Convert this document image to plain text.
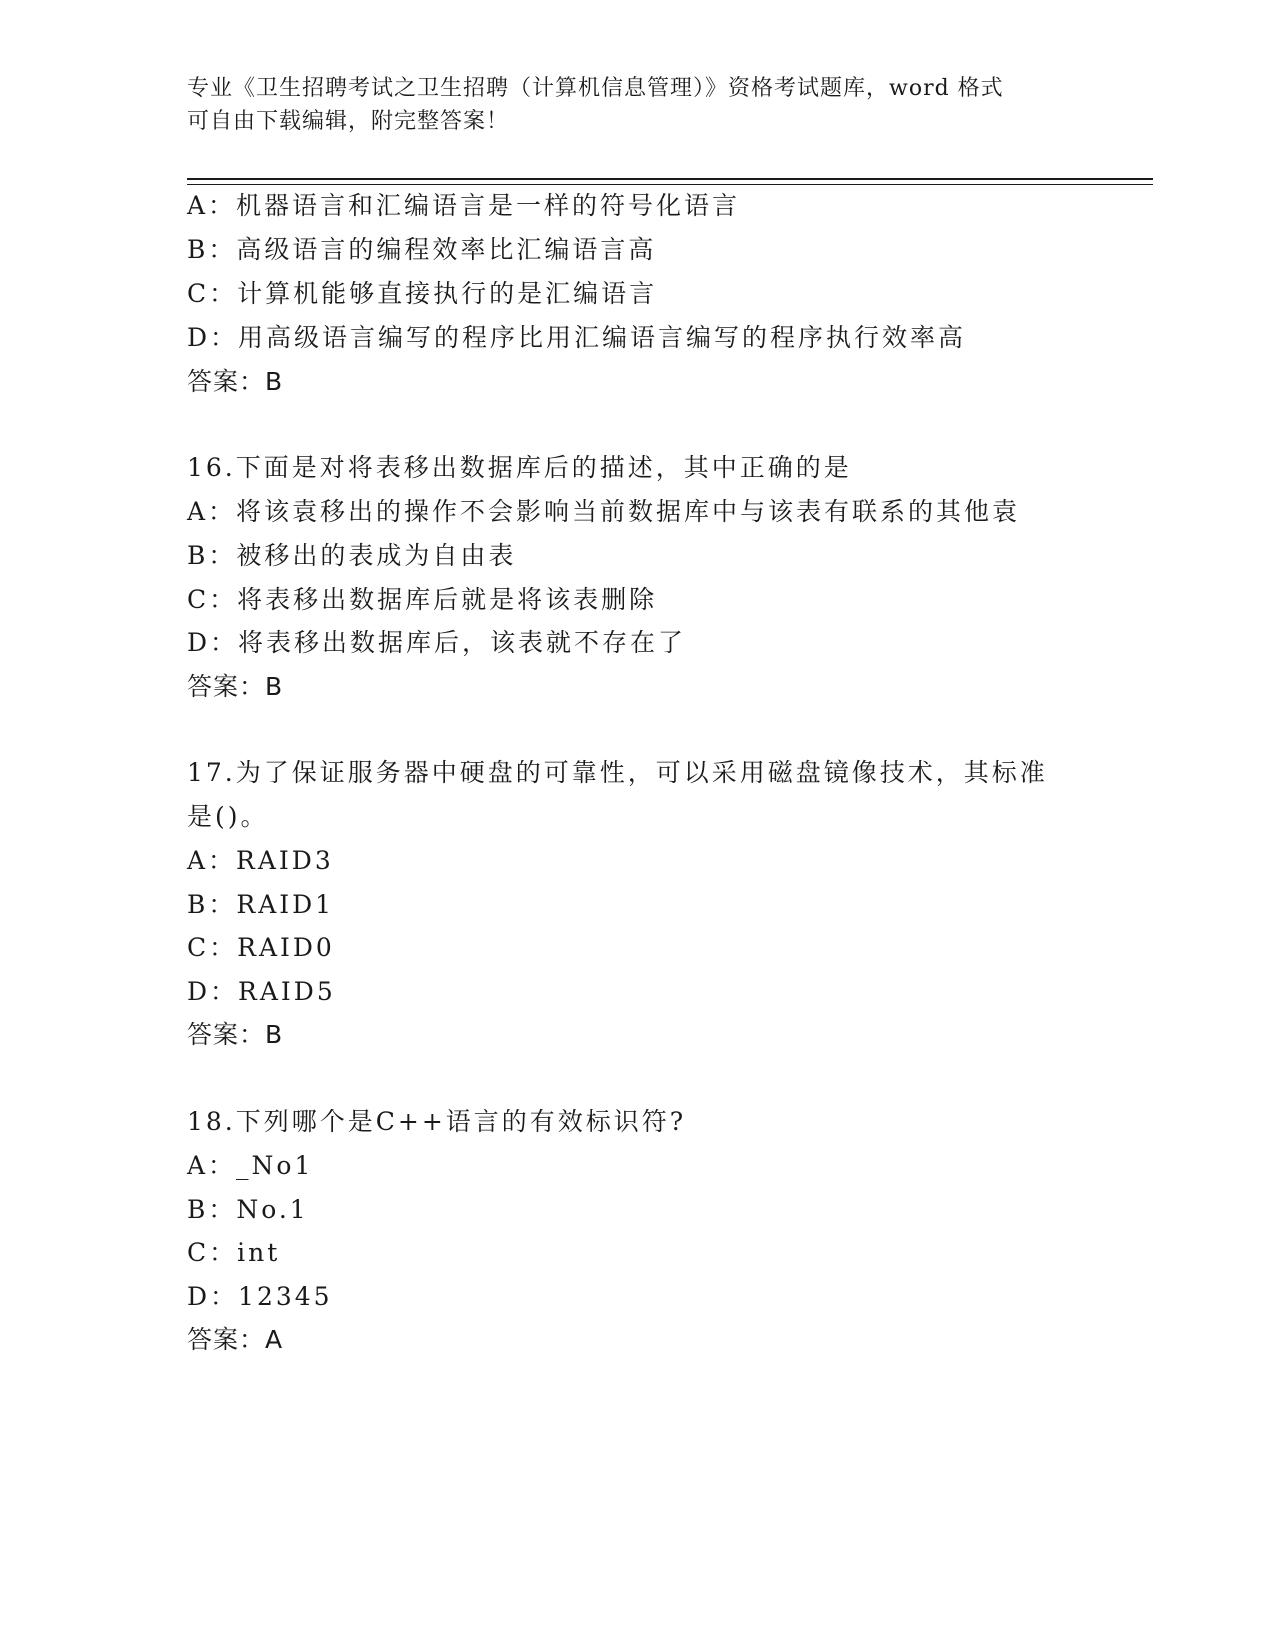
专业《卫生招聘考试之卫生招聘（计算机信息管理）》资格考试题库，word 格式
可自由下载编辑，附完整答案！
A：机器语言和汇编语言是一样的符号化语言
B：高级语言的编程效率比汇编语言高
C：计算机能够直接执行的是汇编语言
D：用高级语言编写的程序比用汇编语言编写的程序执行效率高
答案：B
16.下面是对将表移出数据库后的描述，其中正确的是
A：将该袁移出的操作不会影响当前数据库中与该表有联系的其他袁
B：被移出的表成为自由表
C：将表移出数据库后就是将该表删除
D：将表移出数据库后，该表就不存在了
答案：B
17.为了保证服务器中硬盘的可靠性，可以采用磁盘镜像技术，其标准
是()。
A：RAID3
B：RAID1
C：RAID0
D：RAID5
答案：B
18.下列哪个是C++语言的有效标识符?
A：_No1
B：No.1
C：int
D：12345
答案：A
